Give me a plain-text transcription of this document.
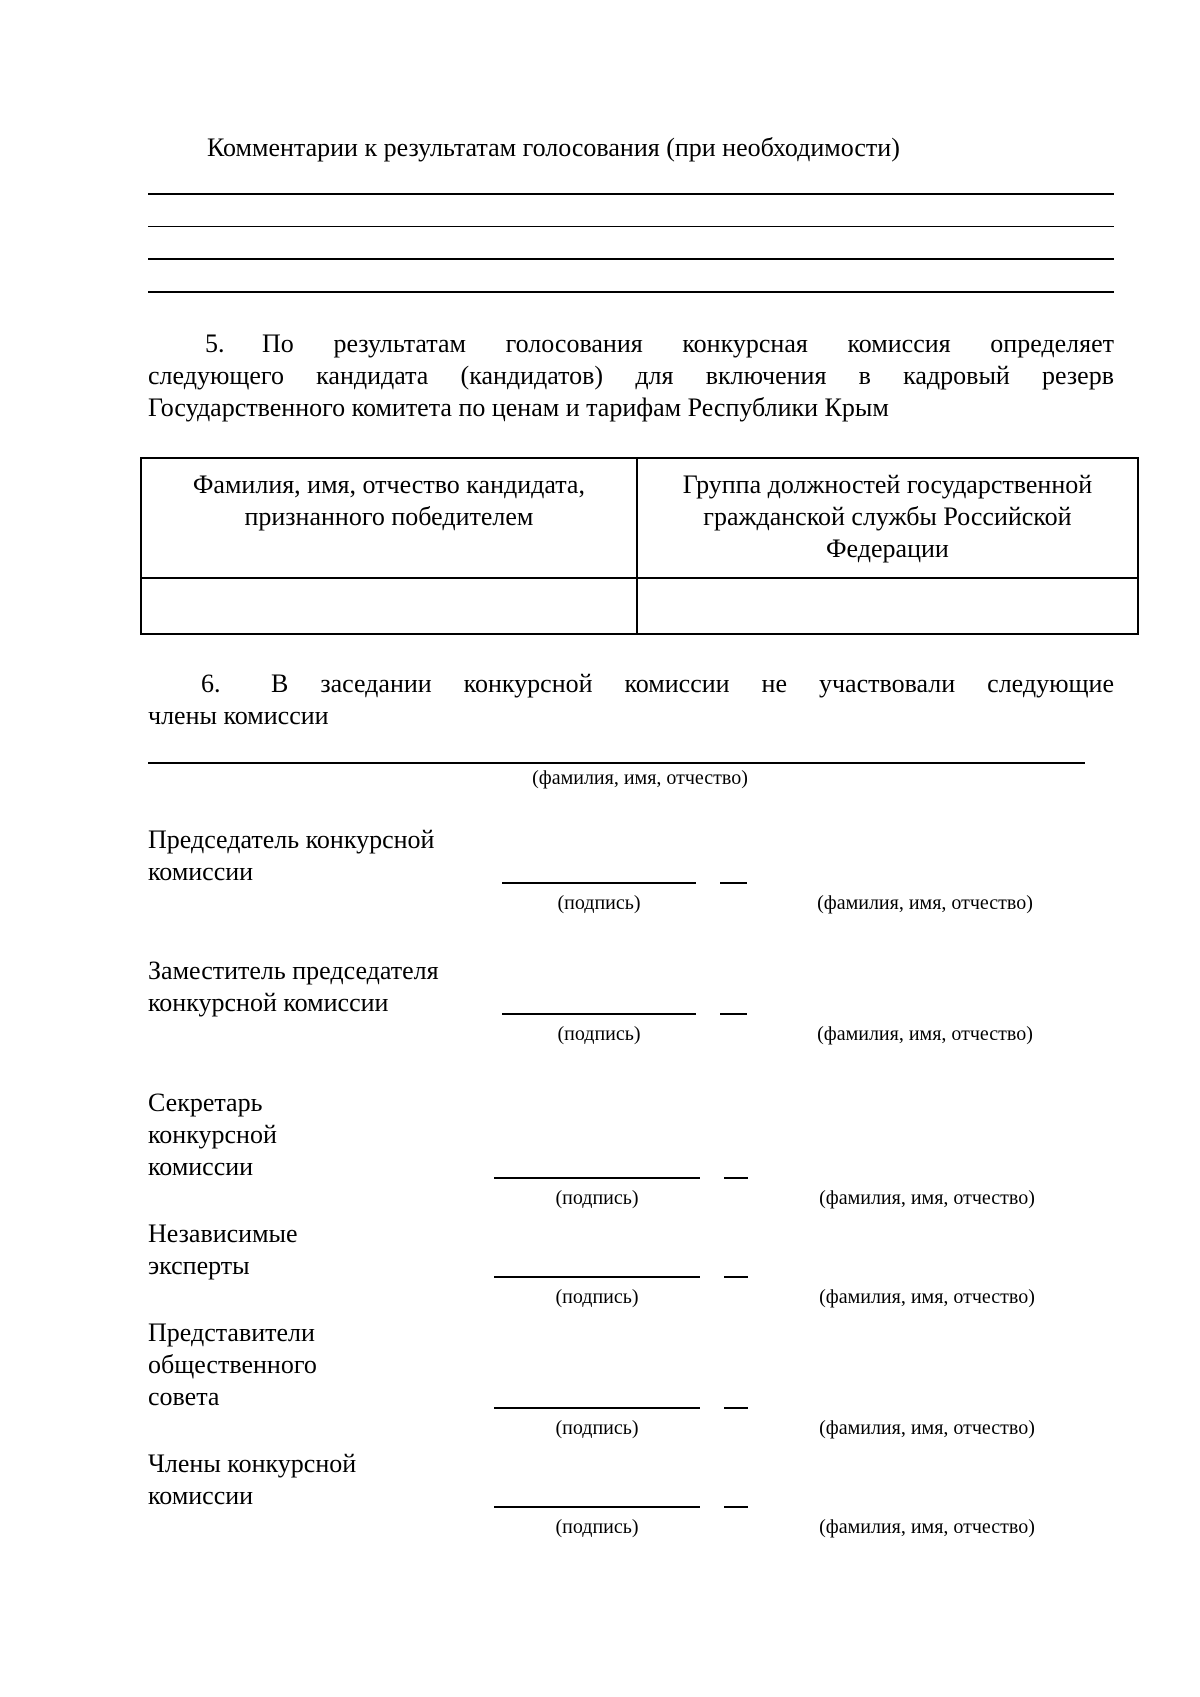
Комментарии к результатам голосования (при необходимости)
5.	По результатам голосования конкурсная комиссия определяет
следующего кандидата (кандидатов) для включения в кадровый резерв
Государственного комитета по ценам и тарифам Республики Крым
Фамилия, имя, отчество кандидата, признанного победителем	Группа должностей государственной гражданской службы Российской Федерации

6.	В заседании конкурсной комиссии не участвовали следующие
члены комиссии
(фамилия, имя, отчество)
Председатель конкурсной комиссии
(подпись)	(фамилия, имя, отчество)
Заместитель председателя конкурсной комиссии
(подпись)	(фамилия, имя, отчество)
Секретарь конкурсной комиссии
(подпись)	(фамилия, имя, отчество)
Независимые эксперты
(подпись)	(фамилия, имя, отчество)
Представители общественного совета
(подпись)	(фамилия, имя, отчество)
Члены конкурсной комиссии
(подпись)	(фамилия, имя, отчество)
